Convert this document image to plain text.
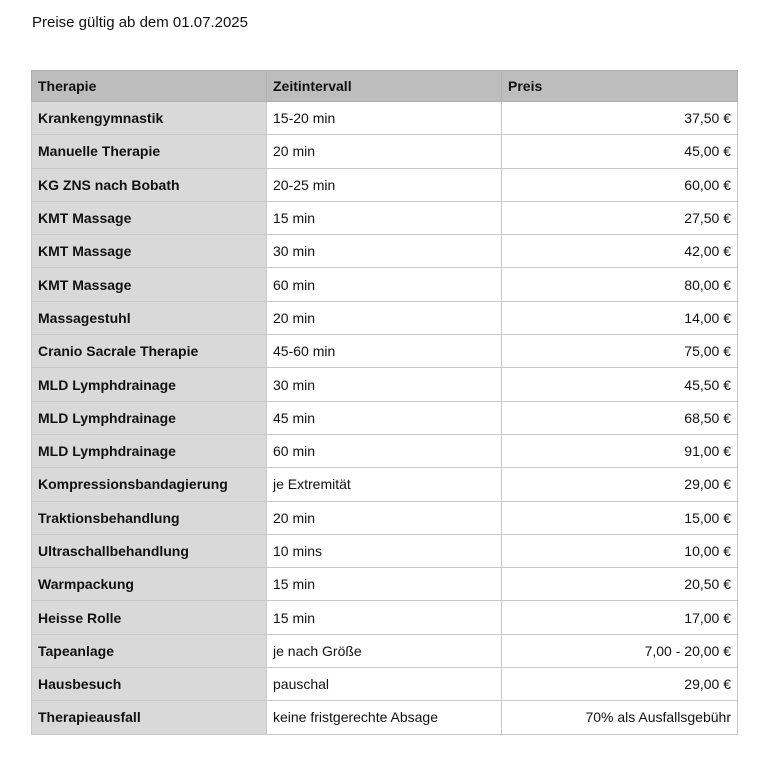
Preise gültig ab dem 01.07.2025
Therapie	Zeitintervall	Preis
Krankengymnastik	15-20 min	37,50 €
Manuelle Therapie	20 min	45,00 €
KG ZNS nach Bobath	20-25 min	60,00 €
KMT Massage	15 min	27,50 €
KMT Massage	30 min	42,00 €
KMT Massage	60 min	80,00 €
Massagestuhl	20 min	14,00 €
Cranio Sacrale Therapie	45-60 min	75,00 €
MLD Lymphdrainage	30 min	45,50 €
MLD Lymphdrainage	45 min	68,50 €
MLD Lymphdrainage	60 min	91,00 €
Kompressionsbandagierung	je Extremität	29,00 €
Traktionsbehandlung	20 min	15,00 €
Ultraschallbehandlung	10 mins	10,00 €
Warmpackung	15 min	20,50 €
Heisse Rolle	15 min	17,00 €
Tapeanlage	je nach Größe	7,00 - 20,00 €
Hausbesuch	pauschal	29,00 €
Therapieausfall	keine fristgerechte Absage	70% als Ausfallsgebühr
